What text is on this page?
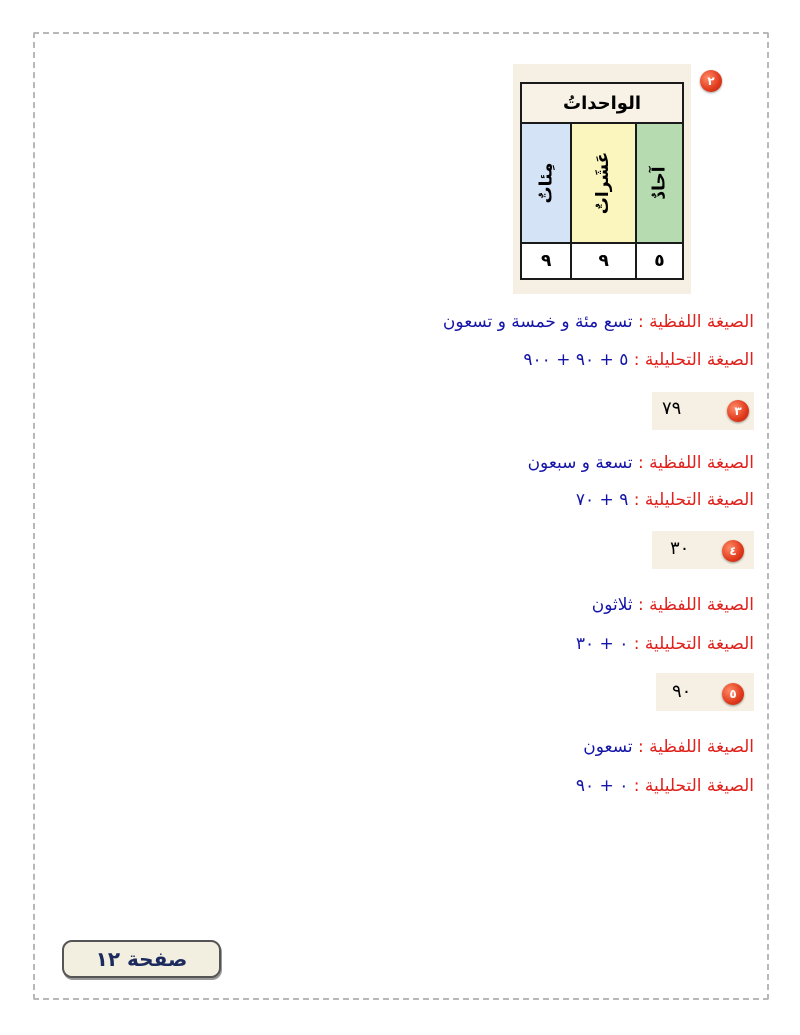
٢
الواحداتُ		
مِئاتٌ	عَشَراتٌ	آحادٌ
٩	٩	٥
الصيغة اللفظية : تسع مئة و خمسة و تسعون
الصيغة التحليلية : ٥ + ٩٠ + ٩٠٠
٣
٧٩
الصيغة اللفظية : تسعة و سبعون
الصيغة التحليلية : ٩ + ٧٠
٤
٣٠
الصيغة اللفظية : ثلاثون
الصيغة التحليلية : ٠ + ٣٠
٥
٩٠
الصيغة اللفظية : تسعون
الصيغة التحليلية : ٠ + ٩٠
صفحة ١٢
